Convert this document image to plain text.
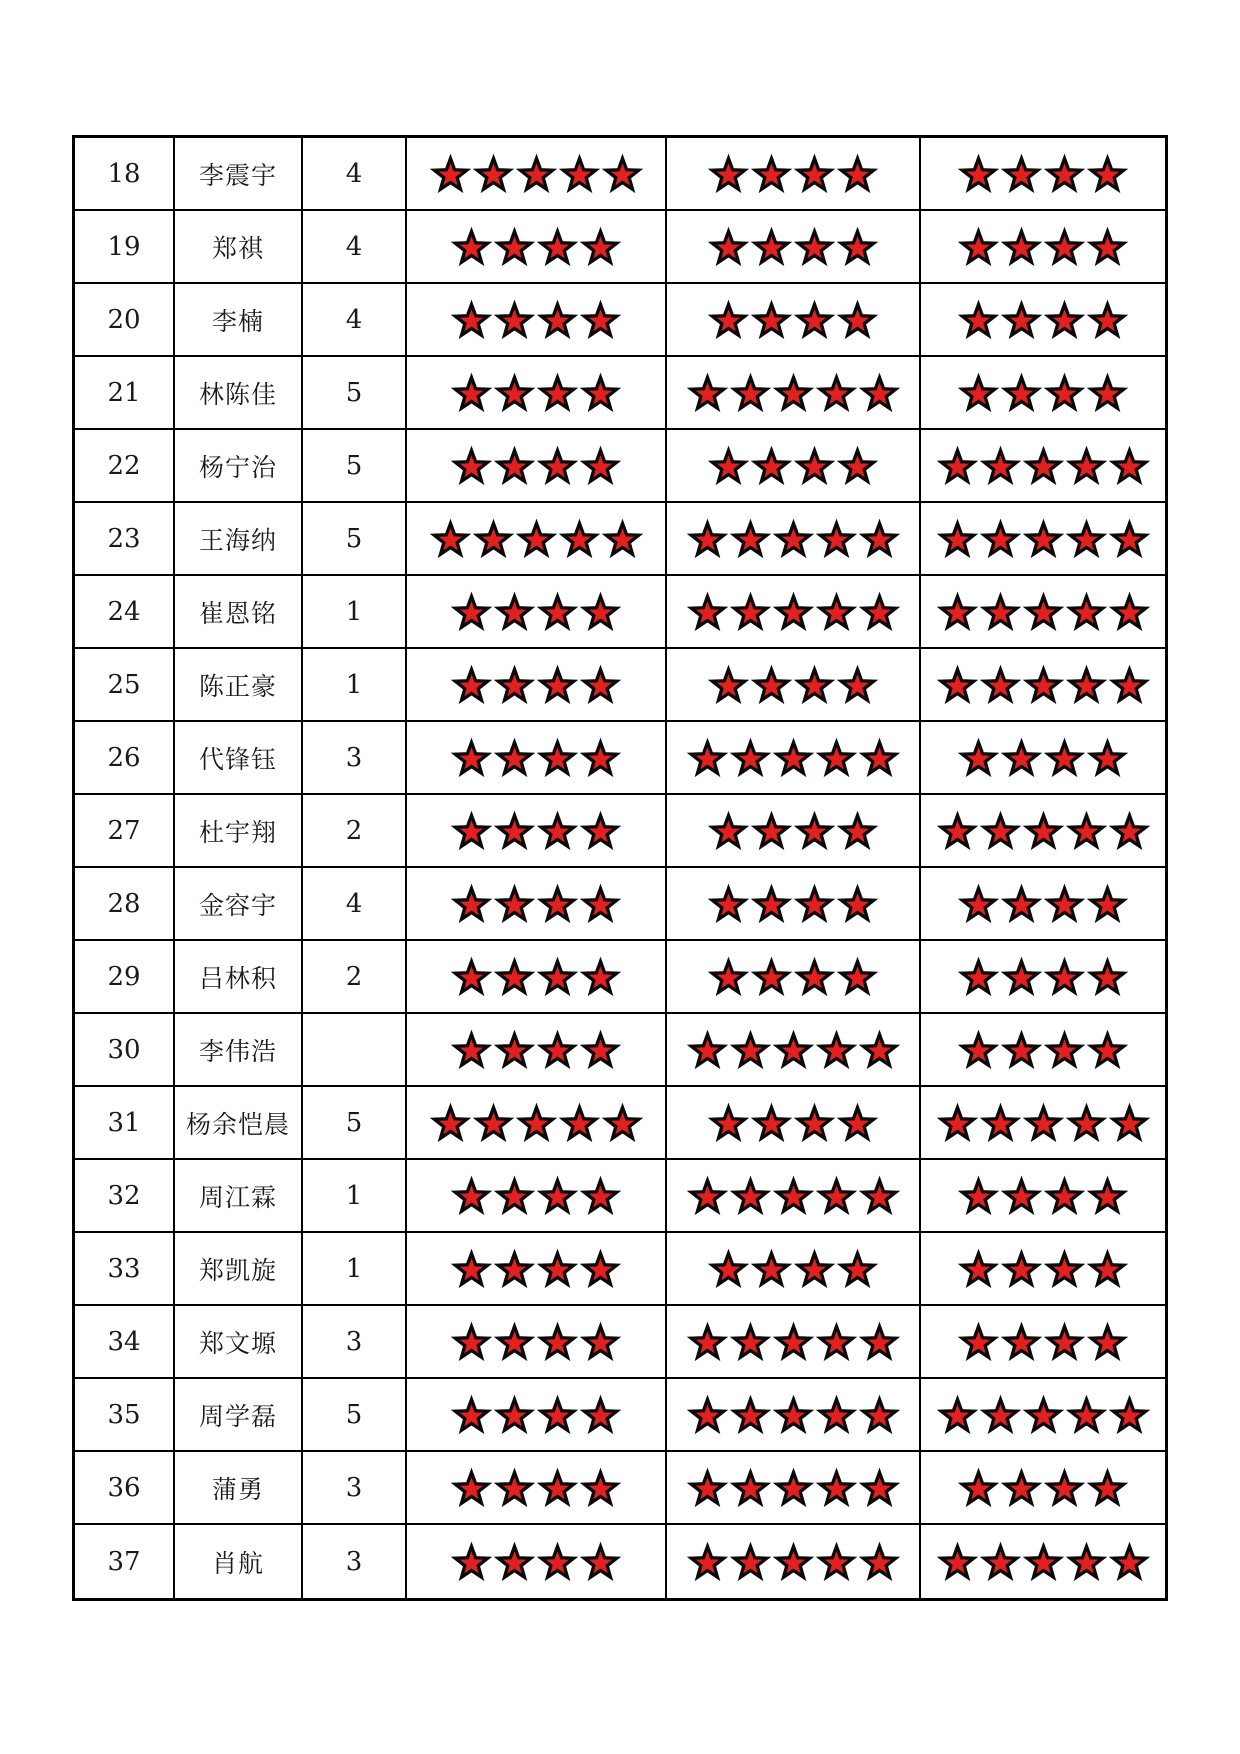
18	李震宇	4
19	郑祺	4
20	李楠	4
21	林陈佳	5
22	杨宁治	5
23	王海纳	5
24	崔恩铭	1
25	陈正豪	1
26	代锋钰	3
27	杜宇翔	2
28	金容宇	4
29	吕林积	2
30	李伟浩
31	杨余恺晨	5
32	周江霖	1
33	郑凯旋	1
34	郑文塬	3
35	周学磊	5
36	蒲勇	3
37	肖航	3
